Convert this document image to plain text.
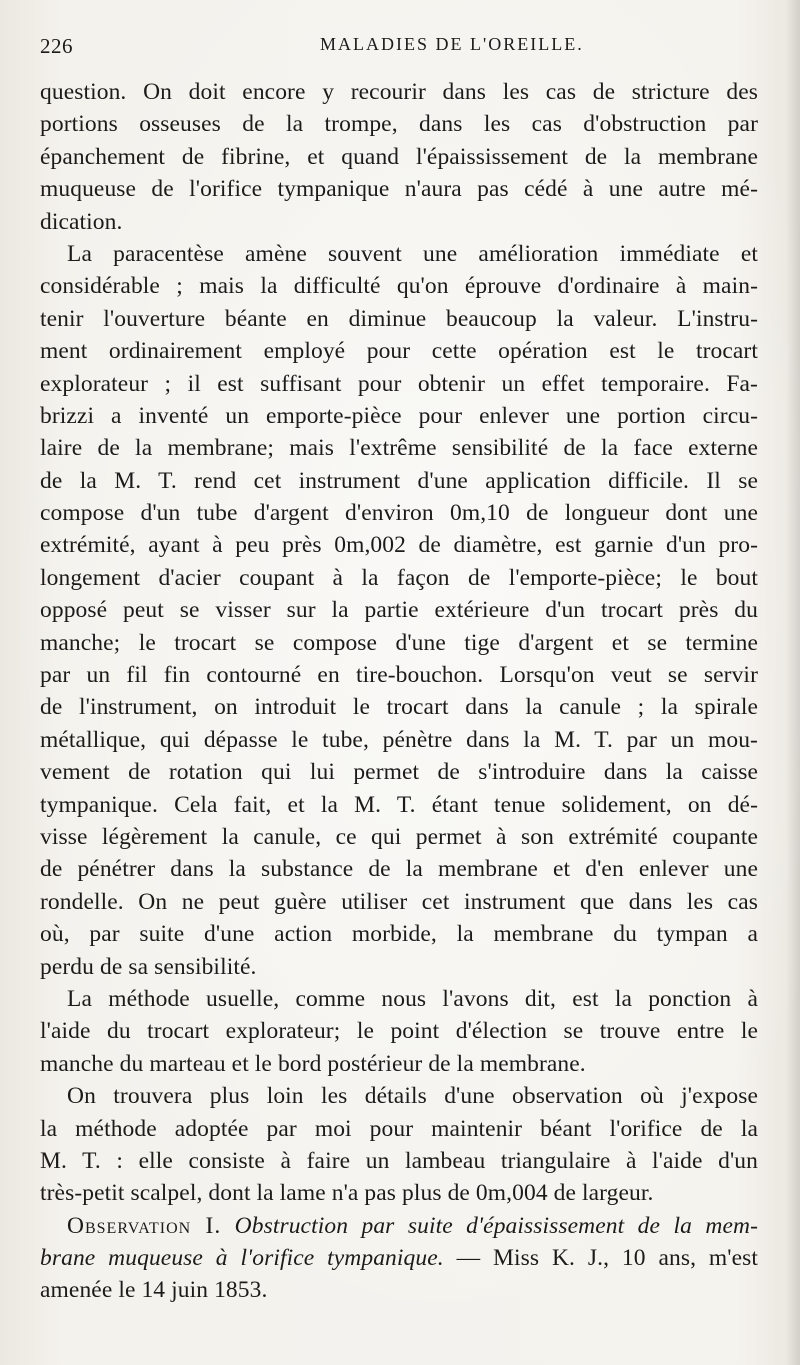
226	MALADIES DE L'OREILLE.
question. On doit encore y recourir dans les cas de stricture des
portions osseuses de la trompe, dans les cas d'obstruction par
épanchement de fibrine, et quand l'épaississement de la membrane
muqueuse de l'orifice tympanique n'aura pas cédé à une autre mé-
dication.
La paracentèse amène souvent une amélioration immédiate et
considérable ; mais la difficulté qu'on éprouve d'ordinaire à main-
tenir l'ouverture béante en diminue beaucoup la valeur. L'instru-
ment ordinairement employé pour cette opération est le trocart
explorateur ; il est suffisant pour obtenir un effet temporaire. Fa-
brizzi a inventé un emporte-pièce pour enlever une portion circu-
laire de la membrane; mais l'extrême sensibilité de la face externe
de la M. T. rend cet instrument d'une application difficile. Il se
compose d'un tube d'argent d'environ 0m,10 de longueur dont une
extrémité, ayant à peu près 0m,002 de diamètre, est garnie d'un pro-
longement d'acier coupant à la façon de l'emporte-pièce; le bout
opposé peut se visser sur la partie extérieure d'un trocart près du
manche; le trocart se compose d'une tige d'argent et se termine
par un fil fin contourné en tire-bouchon. Lorsqu'on veut se servir
de l'instrument, on introduit le trocart dans la canule ; la spirale
métallique, qui dépasse le tube, pénètre dans la M. T. par un mou-
vement de rotation qui lui permet de s'introduire dans la caisse
tympanique. Cela fait, et la M. T. étant tenue solidement, on dé-
visse légèrement la canule, ce qui permet à son extrémité coupante
de pénétrer dans la substance de la membrane et d'en enlever une
rondelle. On ne peut guère utiliser cet instrument que dans les cas
où, par suite d'une action morbide, la membrane du tympan a
perdu de sa sensibilité.
La méthode usuelle, comme nous l'avons dit, est la ponction à
l'aide du trocart explorateur; le point d'élection se trouve entre le
manche du marteau et le bord postérieur de la membrane.
On trouvera plus loin les détails d'une observation où j'expose
la méthode adoptée par moi pour maintenir béant l'orifice de la
M. T. : elle consiste à faire un lambeau triangulaire à l'aide d'un
très-petit scalpel, dont la lame n'a pas plus de 0m,004 de largeur.
Observation I. Obstruction par suite d'épaississement de la mem-
brane muqueuse à l'orifice tympanique. — Miss K. J., 10 ans, m'est
amenée le 14 juin 1853.
